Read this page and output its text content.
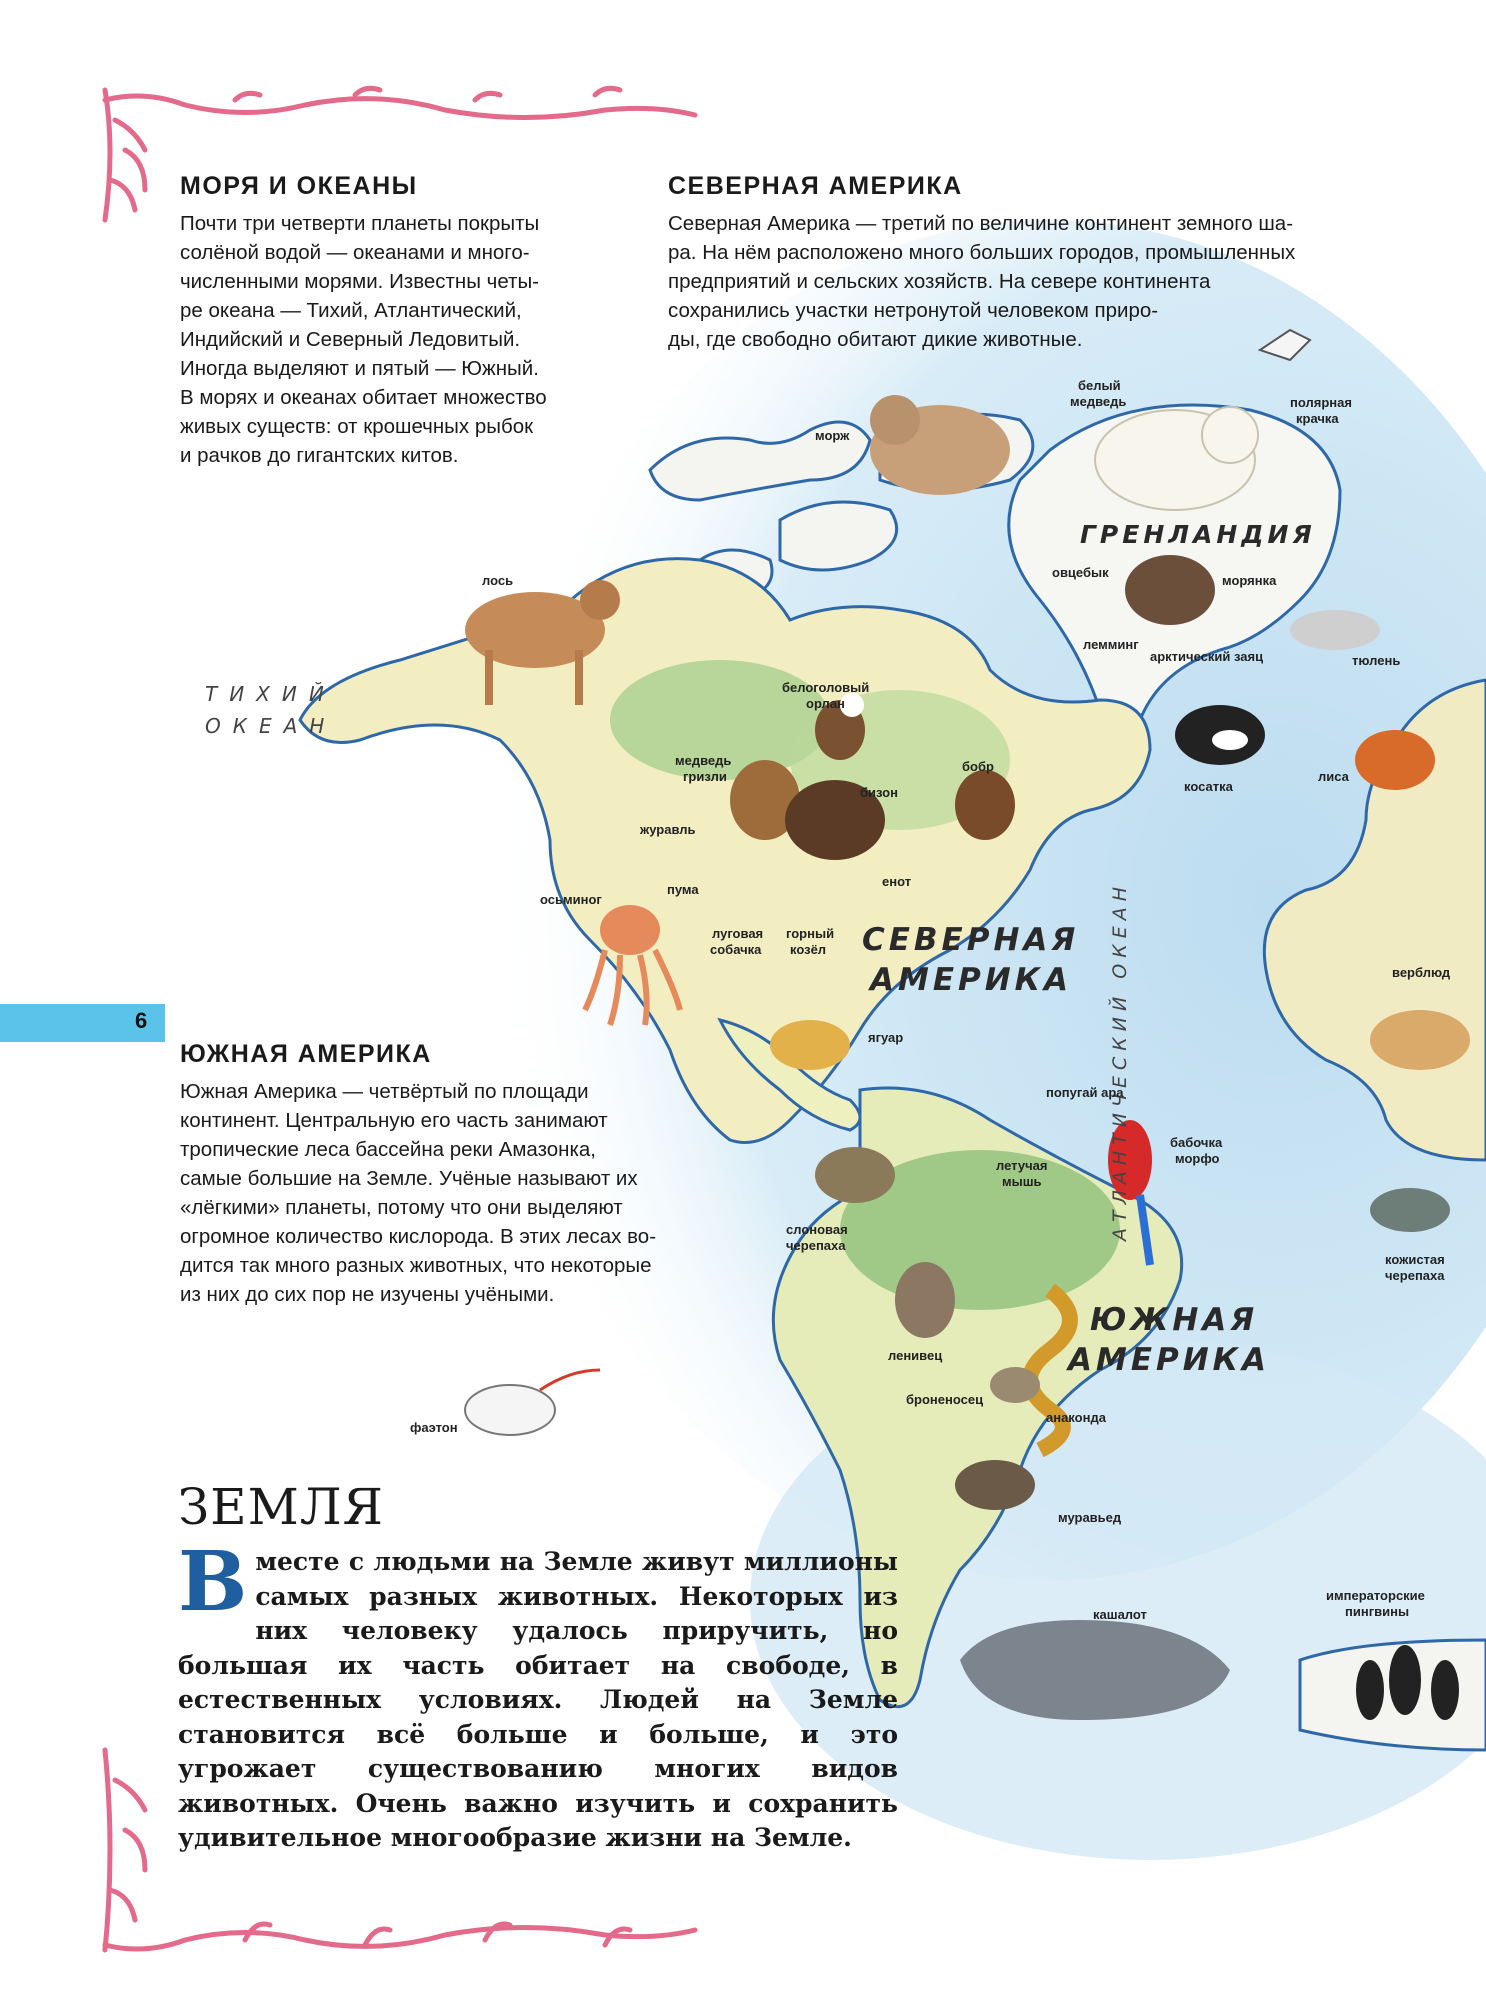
МОРЯ И ОКЕАНЫ

Почти три четверти планеты покрыты

солёной водой — океанами и много-

численными морями. Известны четы-

ре океана — Тихий, Атлантический,

Индийский и Северный Ледовитый.

Иногда выделяют и пятый — Южный.

В морях и океанах обитает множество

живых существ: от крошечных рыбок

и рачков до гигантских китов.

СЕВЕРНАЯ АМЕРИКА

Северная Америка — третий по величине континент земного ша-

ра. На нём расположено много больших городов, промышленных

предприятий и сельских хозяйств. На севере континента

сохранились участки нетронутой человеком приро-

ды, где свободно обитают дикие животные.

6
ЮЖНАЯ АМЕРИКА

Южная Америка — четвёртый по площади

континент. Центральную его часть занимают

тропические леса бассейна реки Амазонка,

самые большие на Земле. Учёные называют их

«лёгкими» планеты, потому что они выделяют

огромное количество кислорода. В этих лесах во-

дится так много разных животных, что некоторые

из них до сих пор не изучены учёными.

ЗЕМЛЯ
Вместе с людьми на Земле живут миллионы самых разных животных. Некоторых из них человеку удалось приручить, но большая их часть обитает на свободе, в естественных условиях. Людей на Земле становится всё больше и больше, и это угрожает существованию многих видов животных. Очень важно изучить и сохранить удивительное многообразие жизни на Земле.
ГРЕНЛАНДИЯ
СЕВЕРНАЯ
АМЕРИКА
ЮЖНАЯ
АМЕРИКА
ТИХИЙ
ОКЕАН
АТЛАНТИЧЕСКИЙ ОКЕАН
морж
белый
медведь	полярная
крачка
лось
овцебык
морянка
лемминг
арктический заяц	тюлень
белоголовый
орлан
медведь
гризли
бобр
бизон	косатка
лиса
журавль
пума
енот
осьминог
луговая
собачка
горный
козёл
верблюд
ягуар
попугай ара
бабочка
морфо
летучая
мышь
слоновая
черепаха
кожистая
черепаха
ленивец
броненосец
анаконда
фаэтон
муравьед
кашалот
императорские
пингвины
